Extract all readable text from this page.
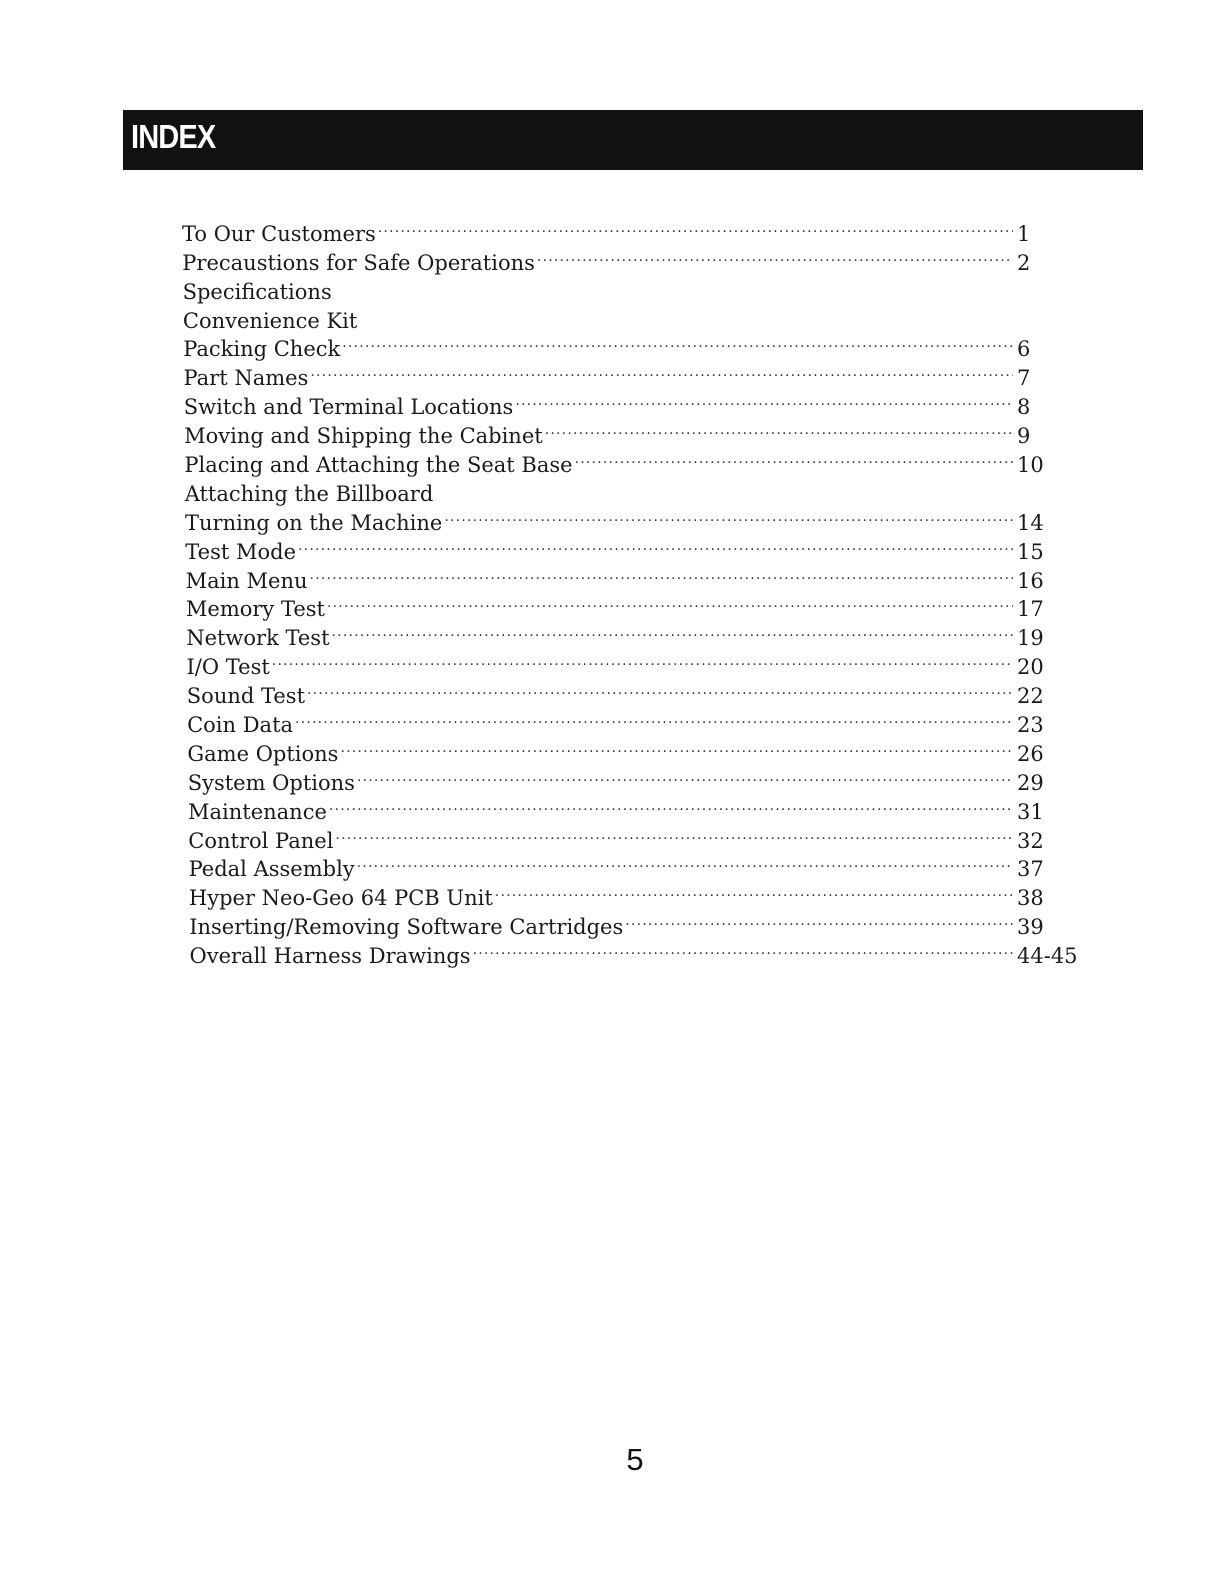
INDEX
To Our Customers .....	1
Precaustions for Safe Operations .....	2
Specifications
Convenience Kit
Packing Check .....	6
Part Names .....	7
Switch and Terminal Locations .....	8
Moving and Shipping the Cabinet .....	9
Placing and Attaching the Seat Base .....	10
Attaching the Billboard
Turning on the Machine .....	14
Test Mode .....	15
Main Menu .....	16
Memory Test .....	17
Network Test .....	19
I/O Test .....	20
Sound Test .....	22
Coin Data .....	23
Game Options .....	26
System Options .....	29
Maintenance .....	31
Control Panel .....	32
Pedal Assembly .....	37
Hyper Neo-Geo 64 PCB Unit .....	38
Inserting/Removing Software Cartridges .....	39
Overall Harness Drawings .....	44-45
5
